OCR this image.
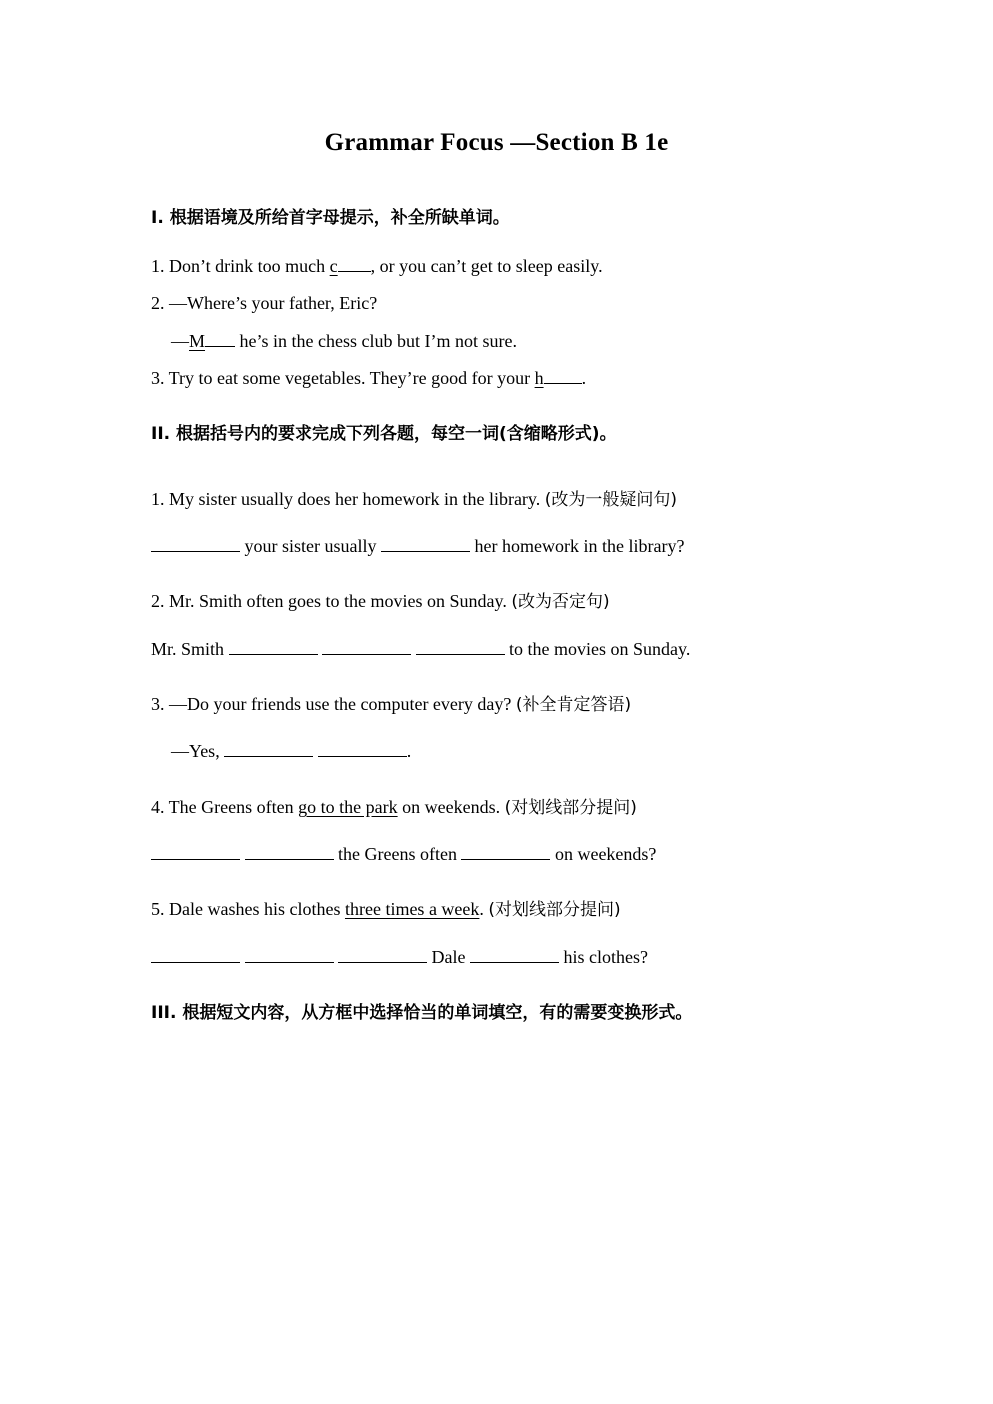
Grammar Focus —Section B 1e
I. 根据语境及所给首字母提示，补全所缺单词。
1. Don’t drink too much c , or you can’t get to sleep easily.
2. —Where’s your father, Eric?
—M he’s in the chess club but I’m not sure.
3. Try to eat some vegetables. They’re good for your h .
II. 根据括号内的要求完成下列各题，每空一词(含缩略形式)。
1. My sister usually does her homework in the library. (改为一般疑问句)
your sister usually	her homework in the library?
2. Mr. Smith often goes to the movies on Sunday. (改为否定句)
Mr. Smith	to the movies on Sunday.
3. —Do your friends use the computer every day? (补全肯定答语)
—Yes,	.
4. The Greens often go to the park on weekends. (对划线部分提问)
the Greens often	on weekends?
5. Dale washes his clothes three times a week. (对划线部分提问)
Dale	his clothes?
III. 根据短文内容，从方框中选择恰当的单词填空，有的需要变换形式。
